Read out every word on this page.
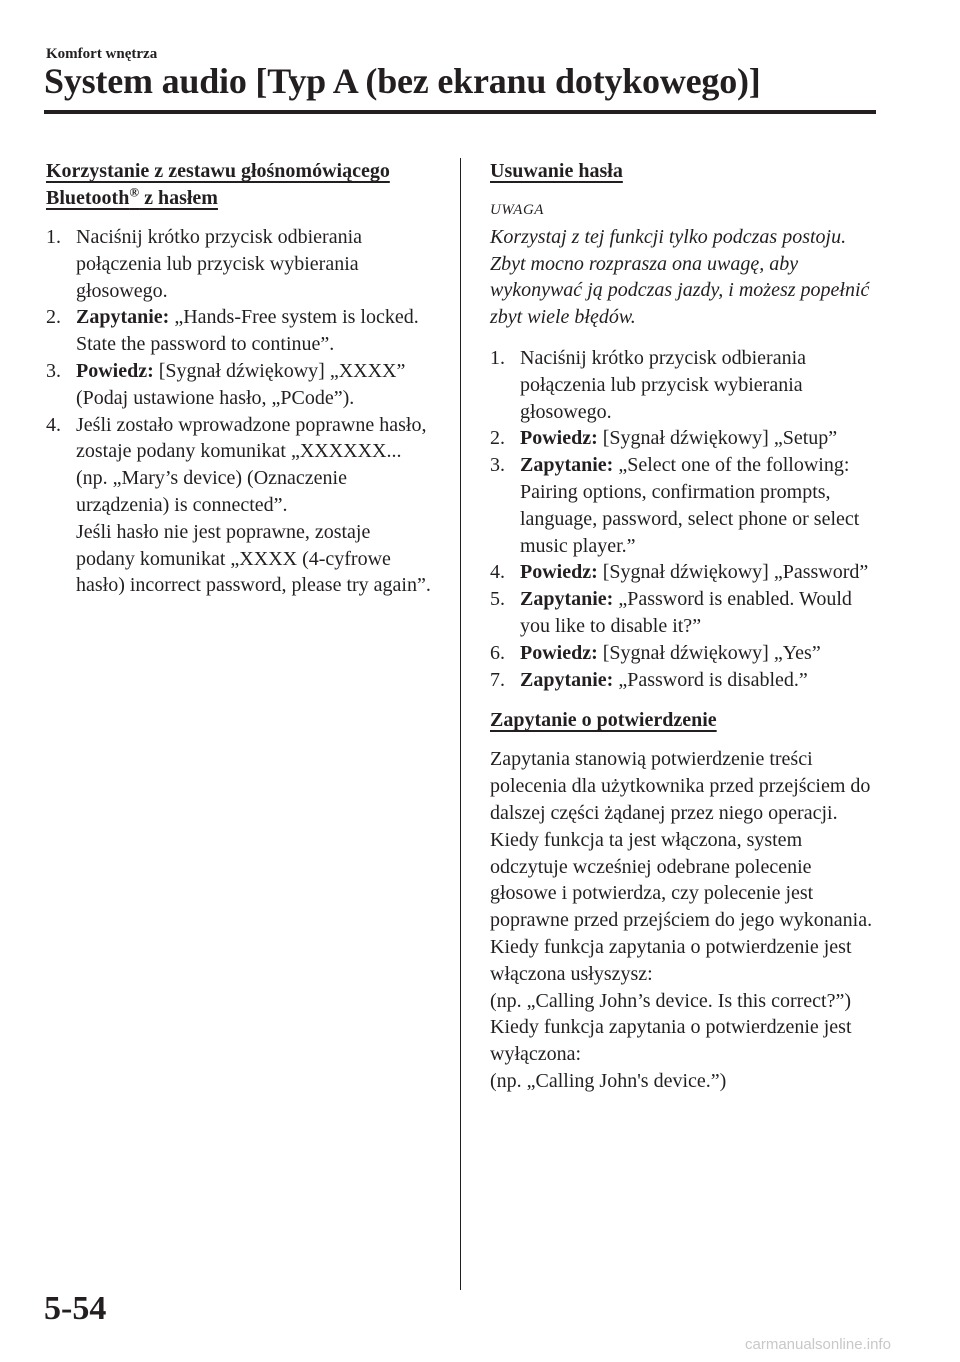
Komfort wnętrza
System audio [Typ A (bez ekranu dotykowego)]
Korzystanie z zestawu głośnomówiącego Bluetooth® z hasłem
1. Naciśnij krótko przycisk odbierania połączenia lub przycisk wybierania głosowego.
2. Zapytanie: „Hands-Free system is locked. State the password to continue”.
3. Powiedz: [Sygnał dźwiękowy] „XXXX” (Podaj ustawione hasło, „PCode”).
4. Jeśli zostało wprowadzone poprawne hasło, zostaje podany komunikat „XXXXXX... (np. „Mary’s device) (Oznaczenie urządzenia) is connected”.
Jeśli hasło nie jest poprawne, zostaje podany komunikat „XXXX (4-cyfrowe hasło) incorrect password, please try again”.
Usuwanie hasła
UWAGA
Korzystaj z tej funkcji tylko podczas postoju. Zbyt mocno rozprasza ona uwagę, aby wykonywać ją podczas jazdy, i możesz popełnić zbyt wiele błędów.
1. Naciśnij krótko przycisk odbierania połączenia lub przycisk wybierania głosowego.
2. Powiedz: [Sygnał dźwiękowy] „Setup”
3. Zapytanie: „Select one of the following: Pairing options, confirmation prompts, language, password, select phone or select music player.”
4. Powiedz: [Sygnał dźwiękowy] „Password”
5. Zapytanie: „Password is enabled. Would you like to disable it?”
6. Powiedz: [Sygnał dźwiękowy] „Yes”
7. Zapytanie: „Password is disabled.”
Zapytanie o potwierdzenie

Zapytania stanowią potwierdzenie treści polecenia dla użytkownika przed przejściem do dalszej części żądanej przez niego operacji. Kiedy funkcja ta jest włączona, system odczytuje wcześniej odebrane polecenie głosowe i potwierdza, czy polecenie jest poprawne przed przejściem do jego wykonania.

Kiedy funkcja zapytania o potwierdzenie jest włączona usłyszysz:

(np. „Calling John’s device. Is this correct?”)

Kiedy funkcja zapytania o potwierdzenie jest wyłączona:

(np. „Calling John's device.”)

5-54
carmanualsonline.info
